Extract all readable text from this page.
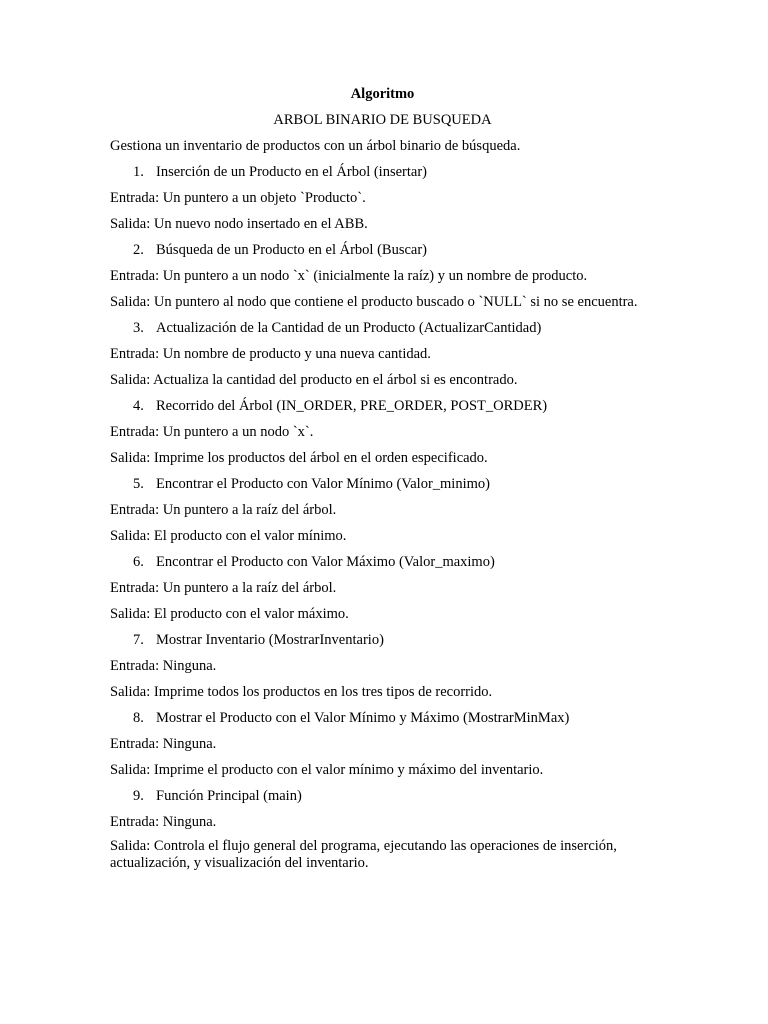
Algoritmo

ARBOL BINARIO DE BUSQUEDA

Gestiona un inventario de productos con un árbol binario de búsqueda.

1. Inserción de un Producto en el Árbol (insertar)

Entrada: Un puntero a un objeto `Producto`.

Salida: Un nuevo nodo insertado en el ABB.

2. Búsqueda de un Producto en el Árbol (Buscar)

Entrada: Un puntero a un nodo `x` (inicialmente la raíz) y un nombre de producto.

Salida: Un puntero al nodo que contiene el producto buscado o `NULL` si no se encuentra.

3. Actualización de la Cantidad de un Producto (ActualizarCantidad)

Entrada: Un nombre de producto y una nueva cantidad.

Salida: Actualiza la cantidad del producto en el árbol si es encontrado.

4. Recorrido del Árbol (IN_ORDER, PRE_ORDER, POST_ORDER)

Entrada: Un puntero a un nodo `x`.

Salida: Imprime los productos del árbol en el orden especificado.

5. Encontrar el Producto con Valor Mínimo (Valor_minimo)

Entrada: Un puntero a la raíz del árbol.

Salida: El producto con el valor mínimo.

6. Encontrar el Producto con Valor Máximo (Valor_maximo)

Entrada: Un puntero a la raíz del árbol.

Salida: El producto con el valor máximo.

7. Mostrar Inventario (MostrarInventario)

Entrada: Ninguna.

Salida: Imprime todos los productos en los tres tipos de recorrido.

8. Mostrar el Producto con el Valor Mínimo y Máximo (MostrarMinMax)

Entrada: Ninguna.

Salida: Imprime el producto con el valor mínimo y máximo del inventario.

9. Función Principal (main)

Entrada: Ninguna.

Salida: Controla el flujo general del programa, ejecutando las operaciones de inserción, actualización, y visualización del inventario.
